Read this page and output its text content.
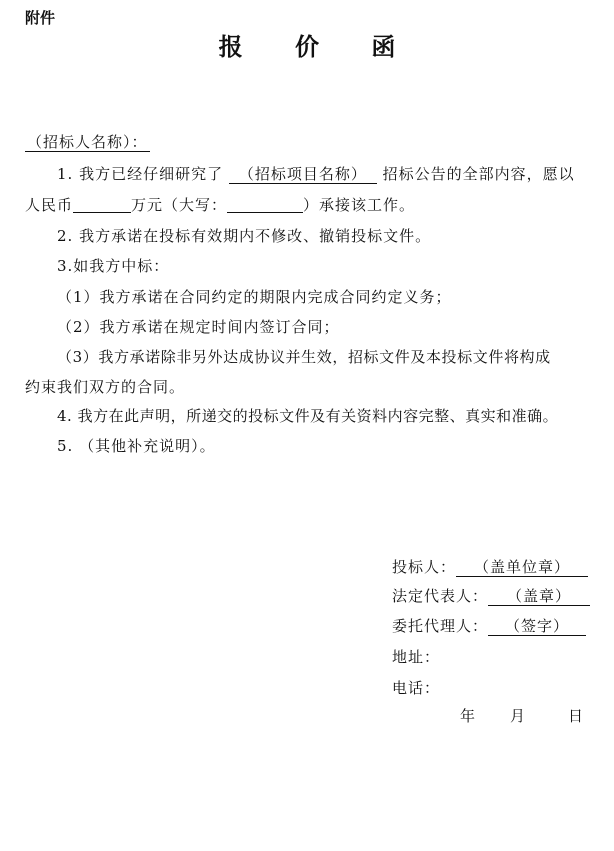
附件
报 价 函
（招标人名称）：
1. 我方已经仔细研究了 （招标项目名称） 招标公告的全部内容，愿以
人民币	万元（大写：	）承接该工作。
2. 我方承诺在投标有效期内不修改、撤销投标文件。
3.如我方中标：
（1）我方承诺在合同约定的期限内完成合同约定义务；
（2）我方承诺在规定时间内签订合同；
（3）我方承诺除非另外达成协议并生效，招标文件及本投标文件将构成
约束我们双方的合同。
4. 我方在此声明，所递交的投标文件及有关资料内容完整、真实和准确。
5. （其他补充说明）。
投标人： （盖单位章）
法定代表人： （盖章）
委托代理人： （签字）
地址：
电话：
年 月	日
